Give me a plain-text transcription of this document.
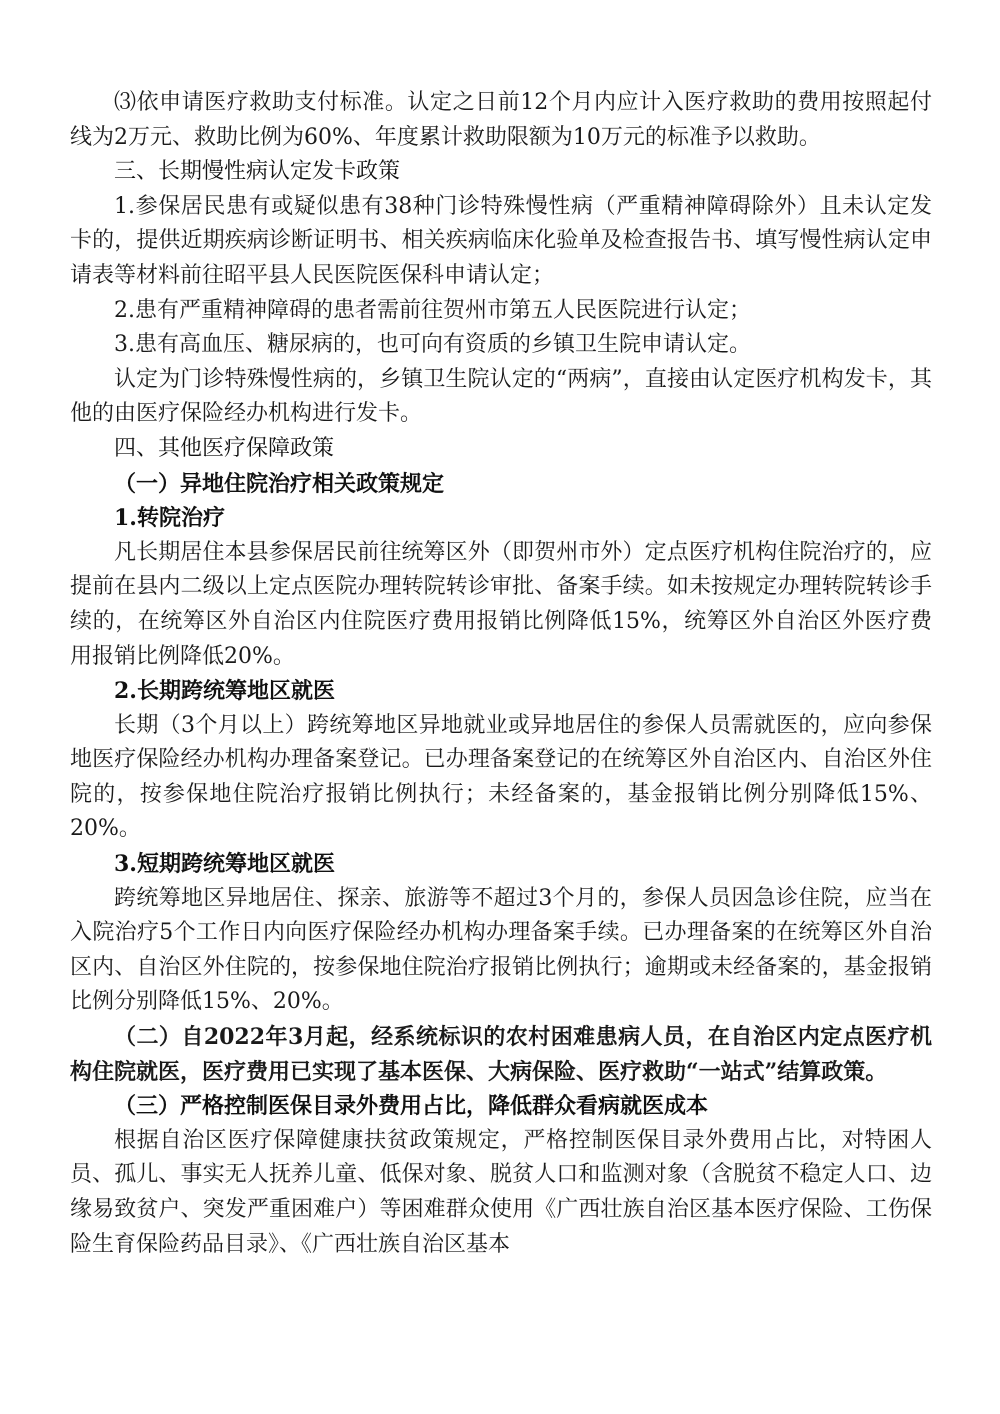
⑶依申请医疗救助支付标准。认定之日前12个月内应计入医疗救助的费用按照起付线为2万元、救助比例为60%、年度累计救助限额为10万元的标准予以救助。

三、长期慢性病认定发卡政策

1.参保居民患有或疑似患有38种门诊特殊慢性病（严重精神障碍除外）且未认定发卡的，提供近期疾病诊断证明书、相关疾病临床化验单及检查报告书、填写慢性病认定申请表等材料前往昭平县人民医院医保科申请认定；

2.患有严重精神障碍的患者需前往贺州市第五人民医院进行认定；

3.患有高血压、糖尿病的，也可向有资质的乡镇卫生院申请认定。

认定为门诊特殊慢性病的，乡镇卫生院认定的“两病”，直接由认定医疗机构发卡，其他的由医疗保险经办机构进行发卡。

四、其他医疗保障政策

（一）异地住院治疗相关政策规定

1.转院治疗

凡长期居住本县参保居民前往统筹区外（即贺州市外）定点医疗机构住院治疗的，应提前在县内二级以上定点医院办理转院转诊审批、备案手续。如未按规定办理转院转诊手续的，在统筹区外自治区内住院医疗费用报销比例降低15%，统筹区外自治区外医疗费用报销比例降低20%。

2.长期跨统筹地区就医

长期（3个月以上）跨统筹地区异地就业或异地居住的参保人员需就医的，应向参保地医疗保险经办机构办理备案登记。已办理备案登记的在统筹区外自治区内、自治区外住院的，按参保地住院治疗报销比例执行；未经备案的，基金报销比例分别降低15%、20%。

3.短期跨统筹地区就医

跨统筹地区异地居住、探亲、旅游等不超过3个月的，参保人员因急诊住院，应当在入院治疗5个工作日内向医疗保险经办机构办理备案手续。已办理备案的在统筹区外自治区内、自治区外住院的，按参保地住院治疗报销比例执行；逾期或未经备案的，基金报销比例分别降低15%、20%。

（二）自2022年3月起，经系统标识的农村困难患病人员，在自治区内定点医疗机构住院就医，医疗费用已实现了基本医保、大病保险、医疗救助“一站式”结算政策。

（三）严格控制医保目录外费用占比，降低群众看病就医成本

根据自治区医疗保障健康扶贫政策规定，严格控制医保目录外费用占比，对特困人员、孤儿、事实无人抚养儿童、低保对象、脱贫人口和监测对象（含脱贫不稳定人口、边缘易致贫户、突发严重困难户）等困难群众使用《广西壮族自治区基本医疗保险、工伤保险生育保险药品目录》、《广西壮族自治区基本
